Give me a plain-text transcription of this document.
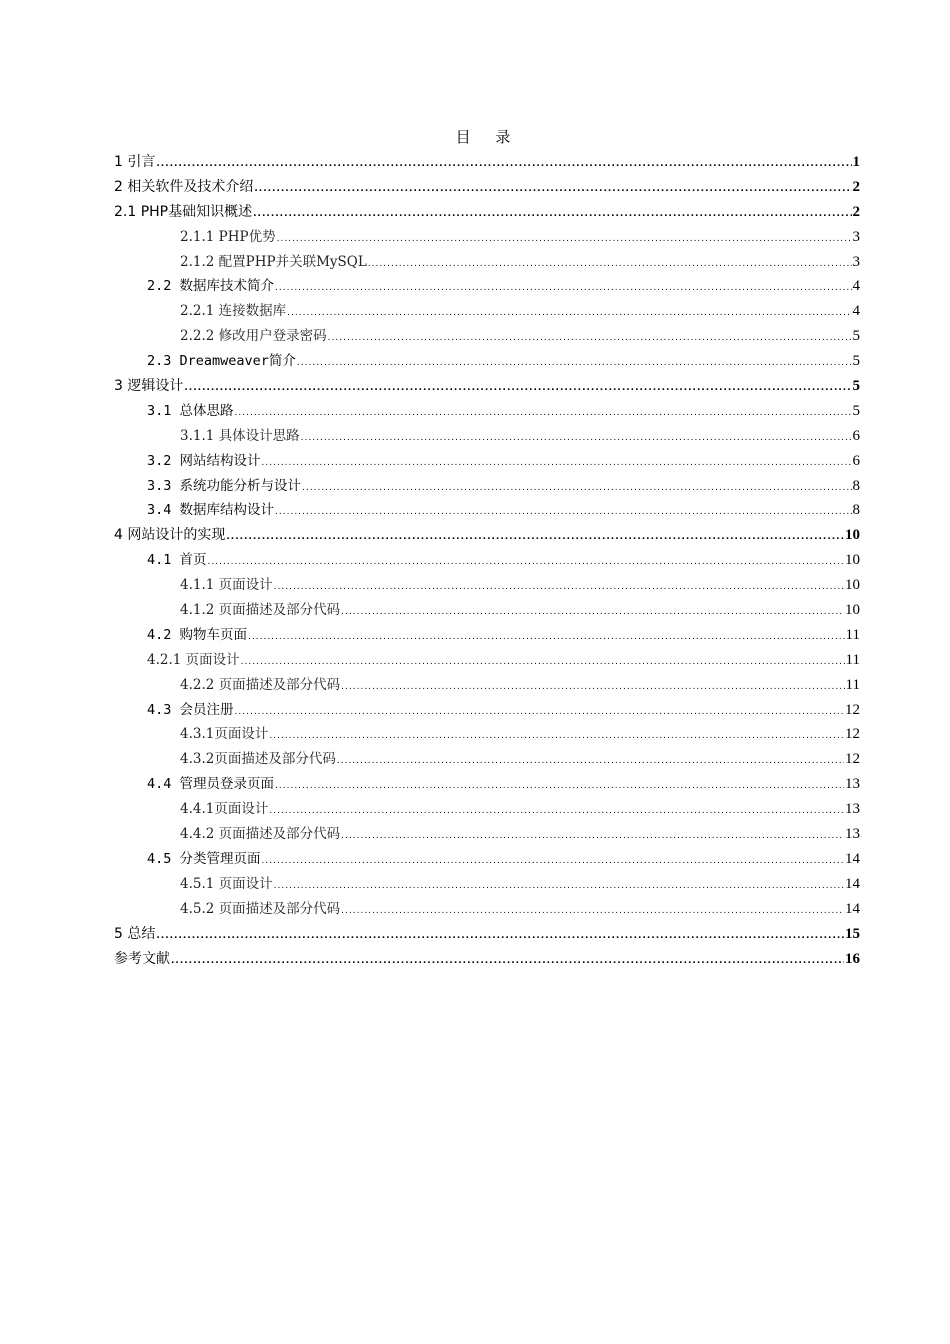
目 录
1 引言 .....	1
2 相关软件及技术介绍 .....	2
2.1 PHP基础知识概述 .....	2
2.1.1 PHP优势 .....	3
2.1.2 配置PHP并关联MySQL .....	3
2.2 数据库技术简介 .....	4
2.2.1 连接数据库 .....	4
2.2.2 修改用户登录密码 .....	5
2.3 Dreamweaver简介 .....	5
3 逻辑设计 .....	5
3.1 总体思路 .....	5
3.1.1 具体设计思路 .....	6
3.2 网站结构设计 .....	6
3.3 系统功能分析与设计 .....	8
3.4 数据库结构设计 .....	8
4 网站设计的实现 .....	10
4.1 首页 .....	10
4.1.1 页面设计 .....	10
4.1.2 页面描述及部分代码 .....	10
4.2 购物车页面 .....	11
4.2.1 页面设计 .....	11
4.2.2 页面描述及部分代码 .....	11
4.3 会员注册 .....	12
4.3.1页面设计 .....	12
4.3.2页面描述及部分代码 .....	12
4.4 管理员登录页面 .....	13
4.4.1页面设计 .....	13
4.4.2 页面描述及部分代码 .....	13
4.5 分类管理页面 .....	14
4.5.1 页面设计 .....	14
4.5.2 页面描述及部分代码 .....	14
5 总结 .....	15
参考文献 .....	16
